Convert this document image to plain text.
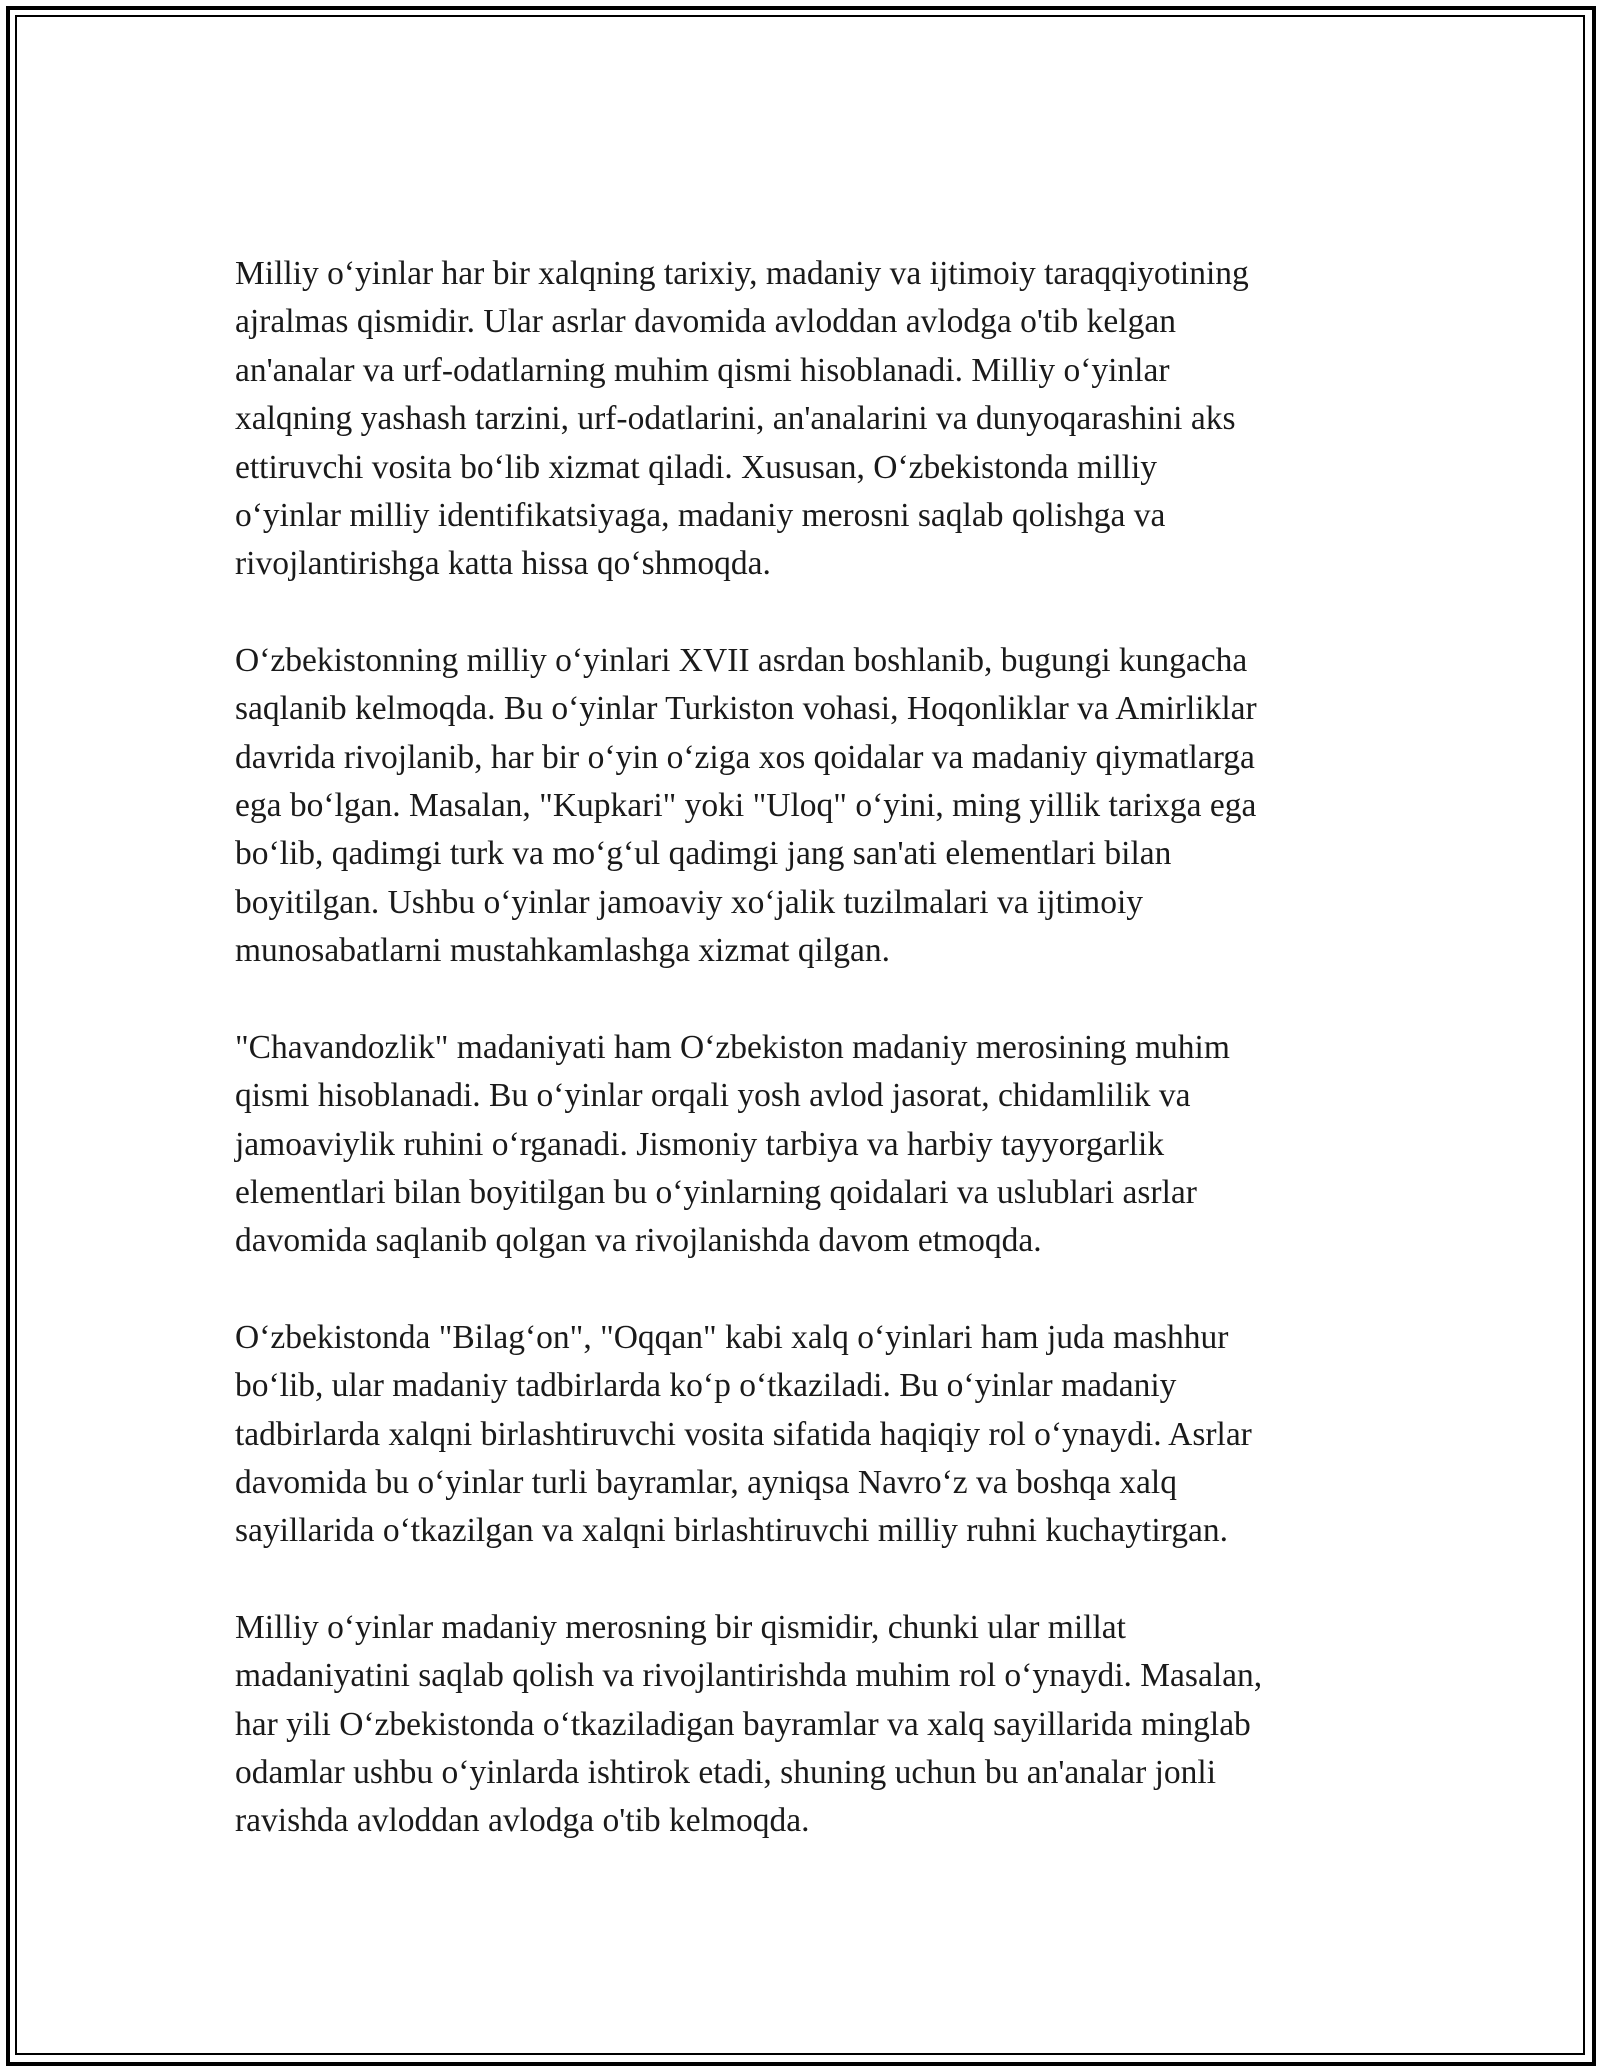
Milliy o‘yinlar har bir xalqning tarixiy, madaniy va ijtimoiy taraqqiyotining
ajralmas qismidir. Ular asrlar davomida avloddan avlodga o'tib kelgan
an'analar va urf-odatlarning muhim qismi hisoblanadi. Milliy o‘yinlar
xalqning yashash tarzini, urf-odatlarini, an'analarini va dunyoqarashini aks
ettiruvchi vosita bo‘lib xizmat qiladi. Xususan, O‘zbekistonda milliy
o‘yinlar milliy identifikatsiyaga, madaniy merosni saqlab qolishga va
rivojlantirishga katta hissa qo‘shmoqda.

O‘zbekistonning milliy o‘yinlari XVII asrdan boshlanib, bugungi kungacha
saqlanib kelmoqda. Bu o‘yinlar Turkiston vohasi, Hoqonliklar va Amirliklar
davrida rivojlanib, har bir o‘yin o‘ziga xos qoidalar va madaniy qiymatlarga
ega bo‘lgan. Masalan, "Kupkari" yoki "Uloq" o‘yini, ming yillik tarixga ega
bo‘lib, qadimgi turk va mo‘g‘ul qadimgi jang san'ati elementlari bilan
boyitilgan. Ushbu o‘yinlar jamoaviy xo‘jalik tuzilmalari va ijtimoiy
munosabatlarni mustahkamlashga xizmat qilgan.

"Chavandozlik" madaniyati ham O‘zbekiston madaniy merosining muhim
qismi hisoblanadi. Bu o‘yinlar orqali yosh avlod jasorat, chidamlilik va
jamoaviylik ruhini o‘rganadi. Jismoniy tarbiya va harbiy tayyorgarlik
elementlari bilan boyitilgan bu o‘yinlarning qoidalari va uslublari asrlar
davomida saqlanib qolgan va rivojlanishda davom etmoqda.

O‘zbekistonda "Bilag‘on", "Oqqan" kabi xalq o‘yinlari ham juda mashhur
bo‘lib, ular madaniy tadbirlarda ko‘p o‘tkaziladi. Bu o‘yinlar madaniy
tadbirlarda xalqni birlashtiruvchi vosita sifatida haqiqiy rol o‘ynaydi. Asrlar
davomida bu o‘yinlar turli bayramlar, ayniqsa Navro‘z va boshqa xalq
sayillarida o‘tkazilgan va xalqni birlashtiruvchi milliy ruhni kuchaytirgan.

Milliy o‘yinlar madaniy merosning bir qismidir, chunki ular millat
madaniyatini saqlab qolish va rivojlantirishda muhim rol o‘ynaydi. Masalan,
har yili O‘zbekistonda o‘tkaziladigan bayramlar va xalq sayillarida minglab
odamlar ushbu o‘yinlarda ishtirok etadi, shuning uchun bu an'analar jonli
ravishda avloddan avlodga o'tib kelmoqda.
